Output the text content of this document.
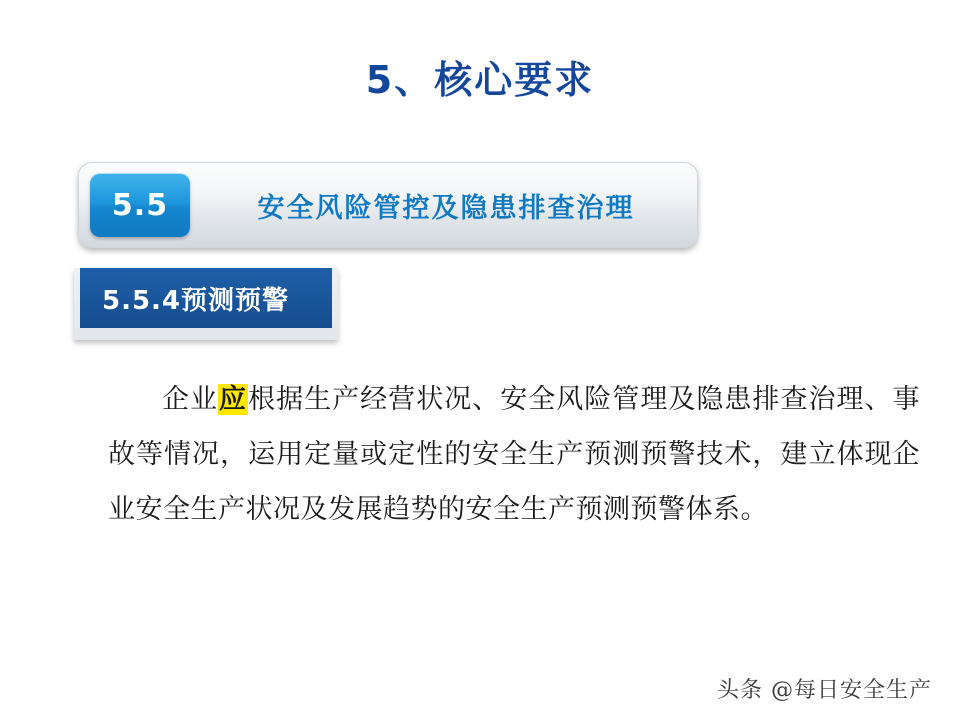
5、核心要求
5.5	安全风险管控及隐患排查治理
5.5.4预测预警
企业应根据生产经营状况、安全风险管理及隐患排查治理、事故等情况，运用定量或定性的安全生产预测预警技术，建立体现企业安全生产状况及发展趋势的安全生产预测预警体系。
头条 @每日安全生产
